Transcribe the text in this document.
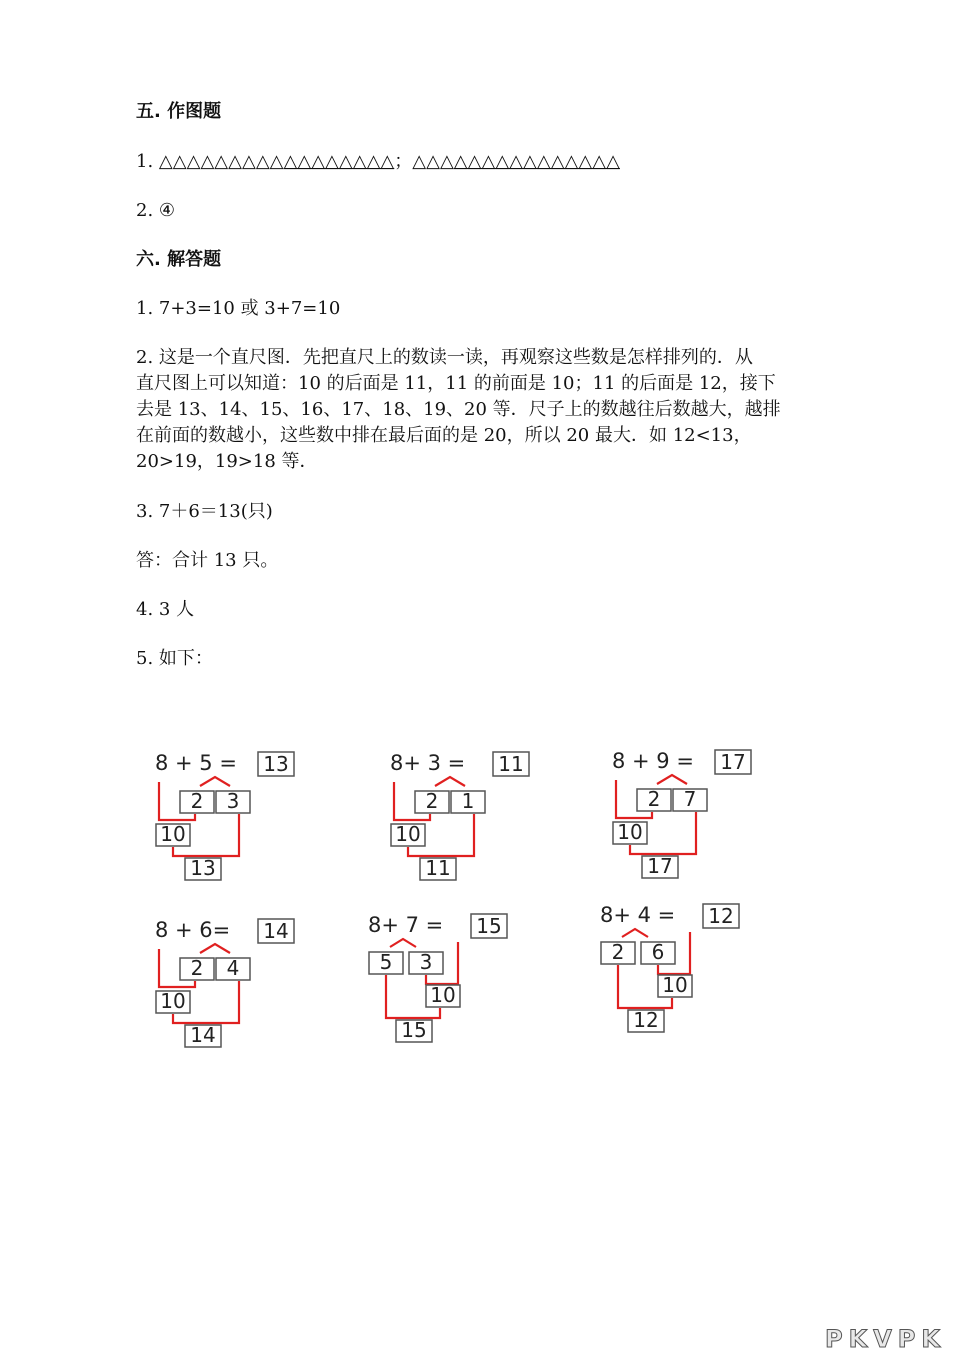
五. 作图题
1. △△△△△△△△△△△△△△△△△；△△△△△△△△△△△△△△△
2. ④
六. 解答题
1. 7+3=10 或 3+7=10
2. 这是一个直尺图．先把直尺上的数读一读，再观察这些数是怎样排列的．从
直尺图上可以知道：10 的后面是 11，11 的前面是 10；11 的后面是 12，接下
去是 13、14、15、16、17、18、19、20 等．尺子上的数越往后数越大，越排
在前面的数越小，这些数中排在最后面的是 20，所以 20 最大．如 12<13，
20>19，19>18 等．
3. 7＋6＝13(只)
答：合计 13 只。
4. 3 人
5. 如下：
8 + 5 = 13
2 3
10
13
8+ 3 = 11
2 1
10
11
8 + 9 = 17
2 7
10
17
8 + 6= 14
2 4
10
14
8+ 7 = 15
5 3
10
15
8+ 4 = 12
2 6
10
12
PKVPK
